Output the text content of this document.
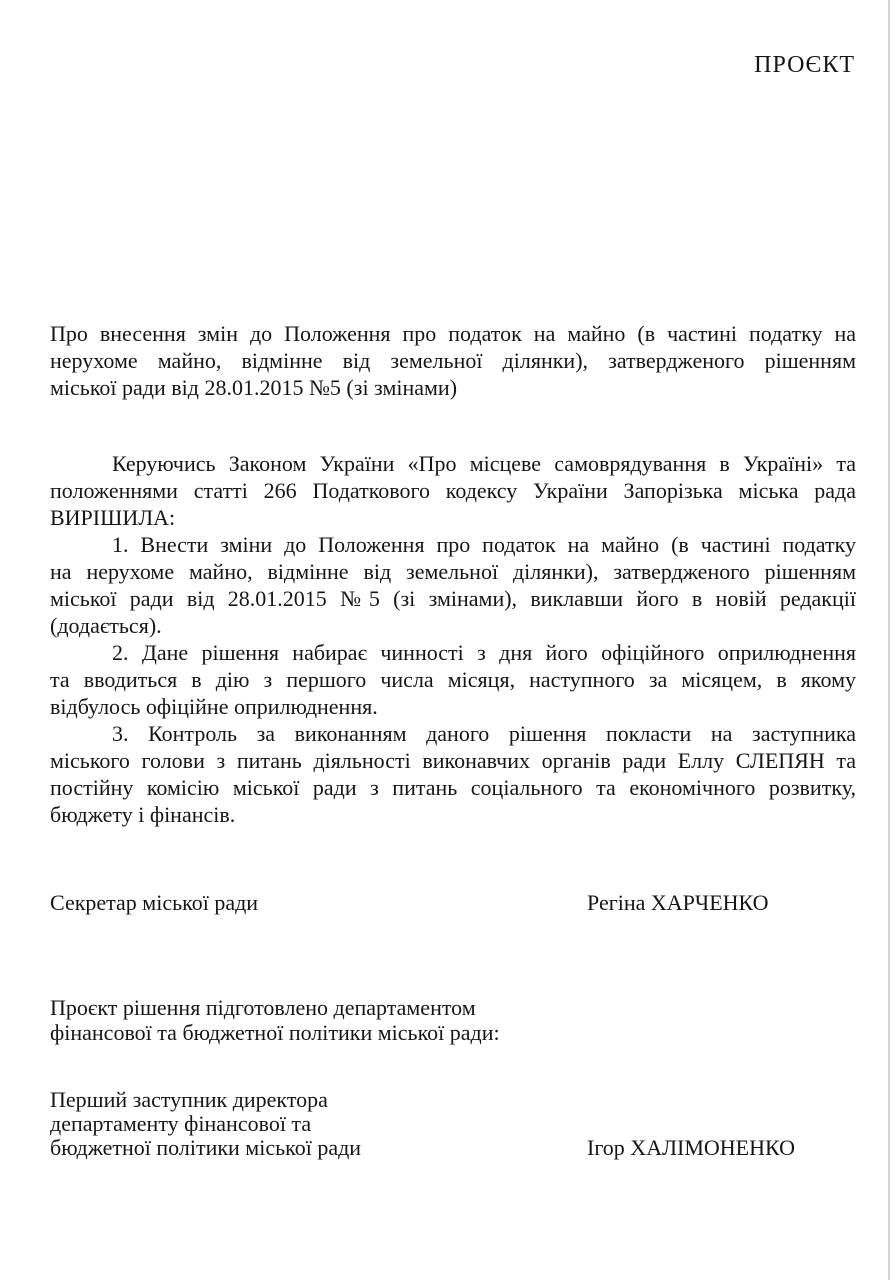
ПРОЄКТ
Про внесення змін до Положення про податок на майно (в частині податку на
нерухоме майно, відмінне від земельної ділянки), затвердженого рішенням
міської ради від 28.01.2015 №5 (зі змінами)
Керуючись Законом України «Про місцеве самоврядування в Україні» та
положеннями статті 266 Податкового кодексу України Запорізька міська рада
ВИРІШИЛА:
1. Внести зміни до Положення про податок на майно (в частині податку
на нерухоме майно, відмінне від земельної ділянки), затвердженого рішенням
міської ради від 28.01.2015 №5 (зі змінами), виклавши його в новій редакції
(додається).
2. Дане рішення набирає чинності з дня його офіційного оприлюднення
та вводиться в дію з першого числа місяця, наступного за місяцем, в якому
відбулось офіційне оприлюднення.
3. Контроль за виконанням даного рішення покласти на заступника
міського голови з питань діяльності виконавчих органів ради Еллу СЛЕПЯН та
постійну комісію міської ради з питань соціального та економічного розвитку,
бюджету і фінансів.
Секретар міської ради	Регіна ХАРЧЕНКО
Проєкт рішення підготовлено департаментом
фінансової та бюджетної політики міської ради:
Перший заступник директора
департаменту фінансової та
бюджетної політики міської ради	Ігор ХАЛІМОНЕНКО
